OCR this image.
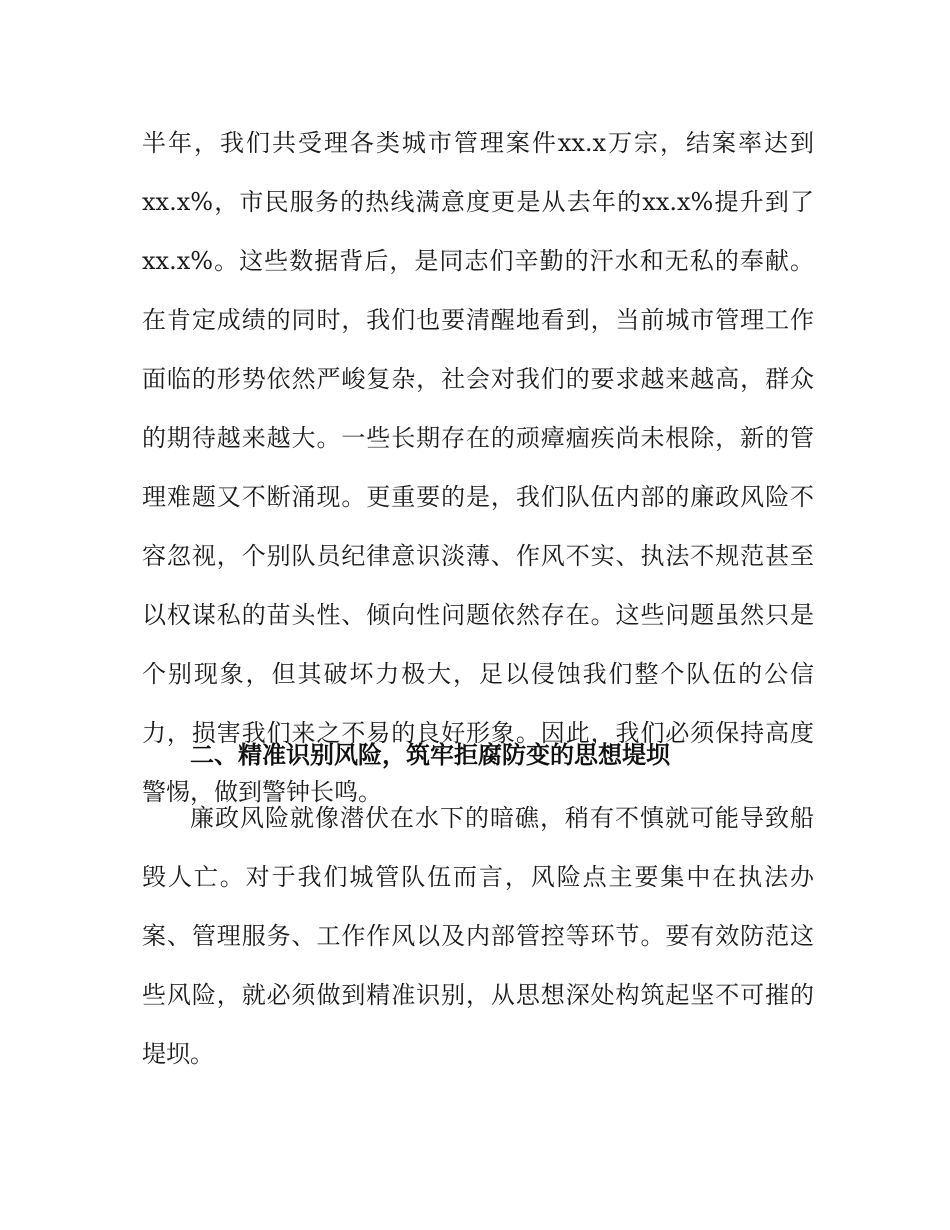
半年，我们共受理各类城市管理案件xx.x万宗，结案率达到
xx.x%，市民服务的热线满意度更是从去年的xx.x%提升到了
xx.x%。这些数据背后，是同志们辛勤的汗水和无私的奉献。
在肯定成绩的同时，我们也要清醒地看到，当前城市管理工作
面临的形势依然严峻复杂，社会对我们的要求越来越高，群众
的期待越来越大。一些长期存在的顽瘴痼疾尚未根除，新的管
理难题又不断涌现。更重要的是，我们队伍内部的廉政风险不
容忽视，个别队员纪律意识淡薄、作风不实、执法不规范甚至
以权谋私的苗头性、倾向性问题依然存在。这些问题虽然只是
个别现象，但其破坏力极大，足以侵蚀我们整个队伍的公信
力，损害我们来之不易的良好形象。因此，我们必须保持高度
警惕，做到警钟长鸣。
二、精准识别风险，筑牢拒腐防变的思想堤坝
廉政风险就像潜伏在水下的暗礁，稍有不慎就可能导致船
毁人亡。对于我们城管队伍而言，风险点主要集中在执法办
案、管理服务、工作作风以及内部管控等环节。要有效防范这
些风险，就必须做到精准识别，从思想深处构筑起坚不可摧的
堤坝。
